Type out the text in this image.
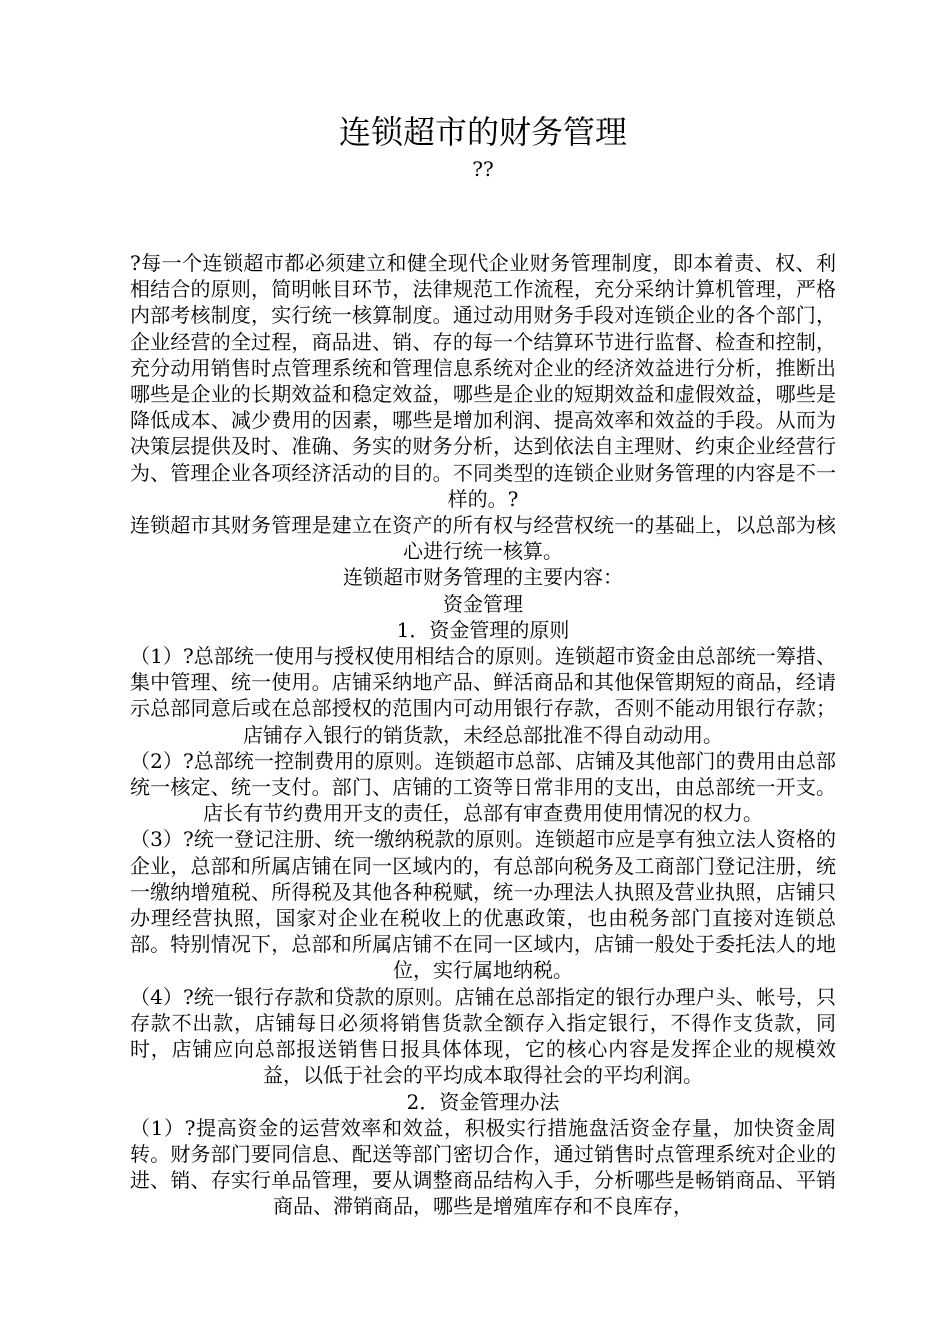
连锁超市的财务管理

??

?每一个连锁超市都必须建立和健全现代企业财务管理制度，即本着责、权、利相结合的原则，简明帐目环节，法律规范工作流程，充分采纳计算机管理，严格内部考核制度，实行统一核算制度。通过动用财务手段对连锁企业的各个部门，企业经营的全过程，商品进、销、存的每一个结算环节进行监督、检查和控制，充分动用销售时点管理系统和管理信息系统对企业的经济效益进行分析，推断出哪些是企业的长期效益和稳定效益，哪些是企业的短期效益和虚假效益，哪些是降低成本、减少费用的因素，哪些是增加利润、提高效率和效益的手段。从而为决策层提供及时、准确、务实的财务分析，达到依法自主理财、约束企业经营行为、管理企业各项经济活动的目的。不同类型的连锁企业财务管理的内容是不一样的。?

连锁超市其财务管理是建立在资产的所有权与经营权统一的基础上，以总部为核心进行统一核算。

连锁超市财务管理的主要内容：

资金管理

1．资金管理的原则

（1）?总部统一使用与授权使用相结合的原则。连锁超市资金由总部统一筹措、集中管理、统一使用。店铺采纳地产品、鲜活商品和其他保管期短的商品，经请示总部同意后或在总部授权的范围内可动用银行存款，否则不能动用银行存款；店铺存入银行的销货款，未经总部批准不得自动动用。

（2）?总部统一控制费用的原则。连锁超市总部、店铺及其他部门的费用由总部统一核定、统一支付。部门、店铺的工资等日常非用的支出，由总部统一开支。店长有节约费用开支的责任，总部有审查费用使用情况的权力。

（3）?统一登记注册、统一缴纳税款的原则。连锁超市应是享有独立法人资格的企业，总部和所属店铺在同一区域内的，有总部向税务及工商部门登记注册，统一缴纳增殖税、所得税及其他各种税赋，统一办理法人执照及营业执照，店铺只办理经营执照，国家对企业在税收上的优惠政策，也由税务部门直接对连锁总部。特别情况下，总部和所属店铺不在同一区域内，店铺一般处于委托法人的地位，实行属地纳税。

（4）?统一银行存款和贷款的原则。店铺在总部指定的银行办理户头、帐号，只存款不出款，店铺每日必须将销售货款全额存入指定银行，不得作支货款，同时，店铺应向总部报送销售日报具体体现，它的核心内容是发挥企业的规模效益，以低于社会的平均成本取得社会的平均利润。

2．资金管理办法

（1）?提高资金的运营效率和效益，积极实行措施盘活资金存量，加快资金周转。财务部门要同信息、配送等部门密切合作，通过销售时点管理系统对企业的进、销、存实行单品管理，要从调整商品结构入手，分析哪些是畅销商品、平销商品、滞销商品，哪些是增殖库存和不良库存，
